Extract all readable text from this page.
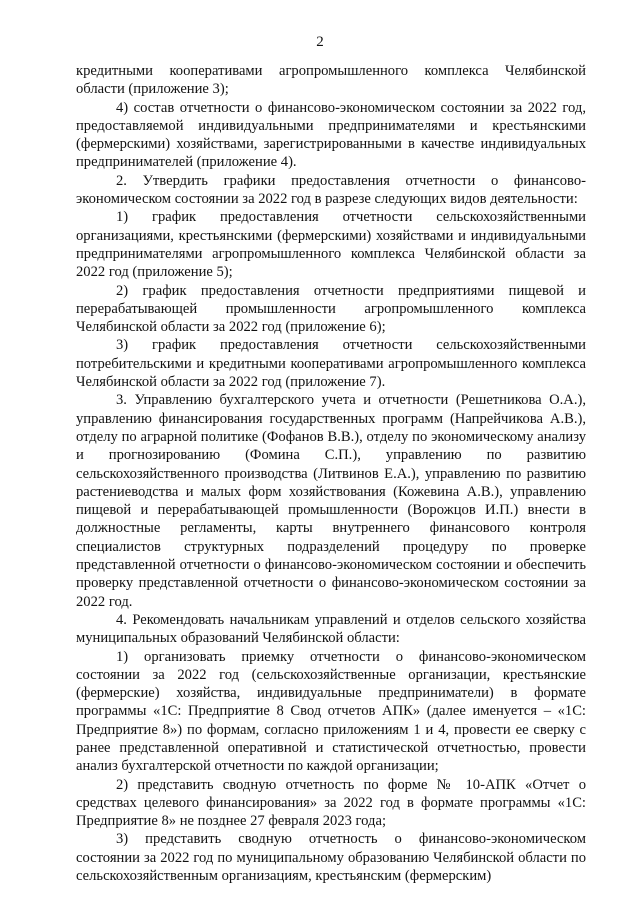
2

кредитными кооперативами агропромышленного комплекса Челябинской области (приложение 3);

4) состав отчетности о финансово-экономическом состоянии за 2022 год, предоставляемой индивидуальными предпринимателями и крестьянскими (фермерскими) хозяйствами, зарегистрированными в качестве индивидуальных предпринимателей (приложение 4).

2. Утвердить графики предоставления отчетности о финансово-экономическом состоянии за 2022 год в разрезе следующих видов деятельности:

1) график предоставления отчетности сельскохозяйственными организациями, крестьянскими (фермерскими) хозяйствами и индивидуальными предпринимателями агропромышленного комплекса Челябинской области за 2022 год (приложение 5);

2) график предоставления отчетности предприятиями пищевой и перерабатывающей промышленности агропромышленного комплекса Челябинской области за 2022 год (приложение 6);

3) график предоставления отчетности сельскохозяйственными потребительскими и кредитными кооперативами агропромышленного комплекса Челябинской области за 2022 год (приложение 7).

3. Управлению бухгалтерского учета и отчетности (Решетникова О.А.), управлению финансирования государственных программ (Напрейчикова А.В.), отделу по аграрной политике (Фофанов В.В.), отделу по экономическому анализу и прогнозированию (Фомина С.П.), управлению по развитию сельскохозяйственного производства (Литвинов Е.А.), управлению по развитию растениеводства и малых форм хозяйствования (Кожевина А.В.), управлению пищевой и перерабатывающей промышленности (Ворожцов И.П.) внести в должностные регламенты, карты внутреннего финансового контроля специалистов структурных подразделений процедуру по проверке представленной отчетности о финансово-экономическом состоянии и обеспечить проверку представленной отчетности о финансово-экономическом состоянии за 2022 год.

4. Рекомендовать начальникам управлений и отделов сельского хозяйства муниципальных образований Челябинской области:

1) организовать приемку отчетности о финансово-экономическом состоянии за 2022 год (сельскохозяйственные организации, крестьянские (фермерские) хозяйства, индивидуальные предприниматели) в формате программы «1С: Предприятие 8 Свод отчетов АПК» (далее именуется – «1С: Предприятие 8») по формам, согласно приложениям 1 и 4, провести ее сверку с ранее представленной оперативной и статистической отчетностью, провести анализ бухгалтерской отчетности по каждой организации;

2) представить сводную отчетность по форме № 10-АПК «Отчет о средствах целевого финансирования» за 2022 год в формате программы «1С: Предприятие 8» не позднее 27 февраля 2023 года;

3) представить сводную отчетность о финансово-экономическом состоянии за 2022 год по муниципальному образованию Челябинской области по сельскохозяйственным организациям, крестьянским (фермерским)
